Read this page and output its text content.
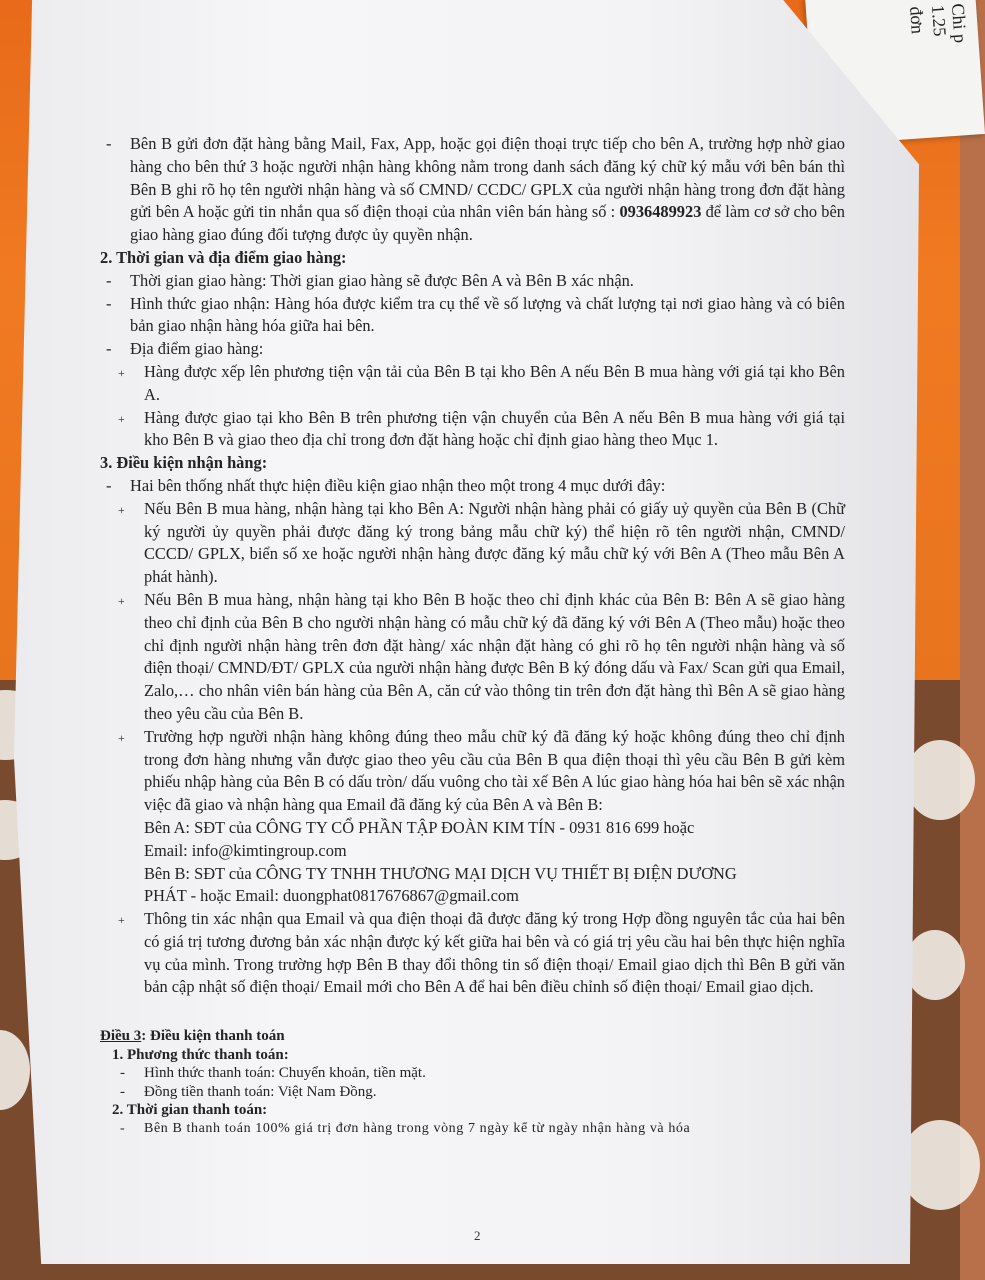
đơn 1.25
Chi p
- Bên B gửi đơn đặt hàng bằng Mail, Fax, App, hoặc gọi điện thoại trực tiếp cho bên A, trường hợp nhờ giao hàng cho bên thứ 3 hoặc người nhận hàng không nằm trong danh sách đăng ký chữ ký mẫu với bên bán thì Bên B ghi rõ họ tên người nhận hàng và số CMND/ CCDC/ GPLX của người nhận hàng trong đơn đặt hàng gửi bên A hoặc gửi tin nhắn qua số điện thoại của nhân viên bán hàng số : 0936489923 để làm cơ sở cho bên giao hàng giao đúng đối tượng được ủy quyền nhận.
2. Thời gian và địa điểm giao hàng:
- Thời gian giao hàng: Thời gian giao hàng sẽ được Bên A và Bên B xác nhận.
- Hình thức giao nhận: Hàng hóa được kiểm tra cụ thể về số lượng và chất lượng tại nơi giao hàng và có biên bản giao nhận hàng hóa giữa hai bên.
- Địa điểm giao hàng:
+ Hàng được xếp lên phương tiện vận tải của Bên B tại kho Bên A nếu Bên B mua hàng với giá tại kho Bên A.
+ Hàng được giao tại kho Bên B trên phương tiện vận chuyển của Bên A nếu Bên B mua hàng với giá tại kho Bên B và giao theo địa chỉ trong đơn đặt hàng hoặc chỉ định giao hàng theo Mục 1.
3. Điều kiện nhận hàng:
- Hai bên thống nhất thực hiện điều kiện giao nhận theo một trong 4 mục dưới đây:
+ Nếu Bên B mua hàng, nhận hàng tại kho Bên A: Người nhận hàng phải có giấy uỷ quyền của Bên B (Chữ ký người ủy quyền phải được đăng ký trong bảng mẫu chữ ký) thể hiện rõ tên người nhận, CMND/ CCCD/ GPLX, biển số xe hoặc người nhận hàng được đăng ký mẫu chữ ký với Bên A (Theo mẫu Bên A phát hành).
+ Nếu Bên B mua hàng, nhận hàng tại kho Bên B hoặc theo chỉ định khác của Bên B: Bên A sẽ giao hàng theo chỉ định của Bên B cho người nhận hàng có mẫu chữ ký đã đăng ký với Bên A (Theo mẫu) hoặc theo chỉ định người nhận hàng trên đơn đặt hàng/ xác nhận đặt hàng có ghi rõ họ tên người nhận hàng và số điện thoại/ CMND/ĐT/ GPLX của người nhận hàng được Bên B ký đóng dấu và Fax/ Scan gửi qua Email, Zalo,… cho nhân viên bán hàng của Bên A, căn cứ vào thông tin trên đơn đặt hàng thì Bên A sẽ giao hàng theo yêu cầu của Bên B.
+ Trường hợp người nhận hàng không đúng theo mẫu chữ ký đã đăng ký hoặc không đúng theo chỉ định trong đơn hàng nhưng vẫn được giao theo yêu cầu của Bên B qua điện thoại thì yêu cầu Bên B gửi kèm phiếu nhập hàng của Bên B có dấu tròn/ dấu vuông cho tài xế Bên A lúc giao hàng hóa hai bên sẽ xác nhận việc đã giao và nhận hàng qua Email đã đăng ký của Bên A và Bên B:
Bên A: SĐT của CÔNG TY CỔ PHẦN TẬP ĐOÀN KIM TÍN - 0931 816 699 hoặc
Email: info@kimtingroup.com
Bên B: SĐT của CÔNG TY TNHH THƯƠNG MẠI DỊCH VỤ THIẾT BỊ ĐIỆN DƯƠNG
PHÁT - hoặc Email: duongphat0817676867@gmail.com
+ Thông tin xác nhận qua Email và qua điện thoại đã được đăng ký trong Hợp đồng nguyên tắc của hai bên có giá trị tương đương bản xác nhận được ký kết giữa hai bên và có giá trị yêu cầu hai bên thực hiện nghĩa vụ của mình. Trong trường hợp Bên B thay đổi thông tin số điện thoại/ Email giao dịch thì Bên B gửi văn bản cập nhật số điện thoại/ Email mới cho Bên A để hai bên điều chỉnh số điện thoại/ Email giao dịch.
Điều 3: Điều kiện thanh toán
1. Phương thức thanh toán:
- Hình thức thanh toán: Chuyển khoản, tiền mặt.
- Đồng tiền thanh toán: Việt Nam Đồng.
2. Thời gian thanh toán:
- Bên B thanh toán 100% giá trị đơn hàng trong vòng 7 ngày kể từ ngày nhận hàng và hóa
2
